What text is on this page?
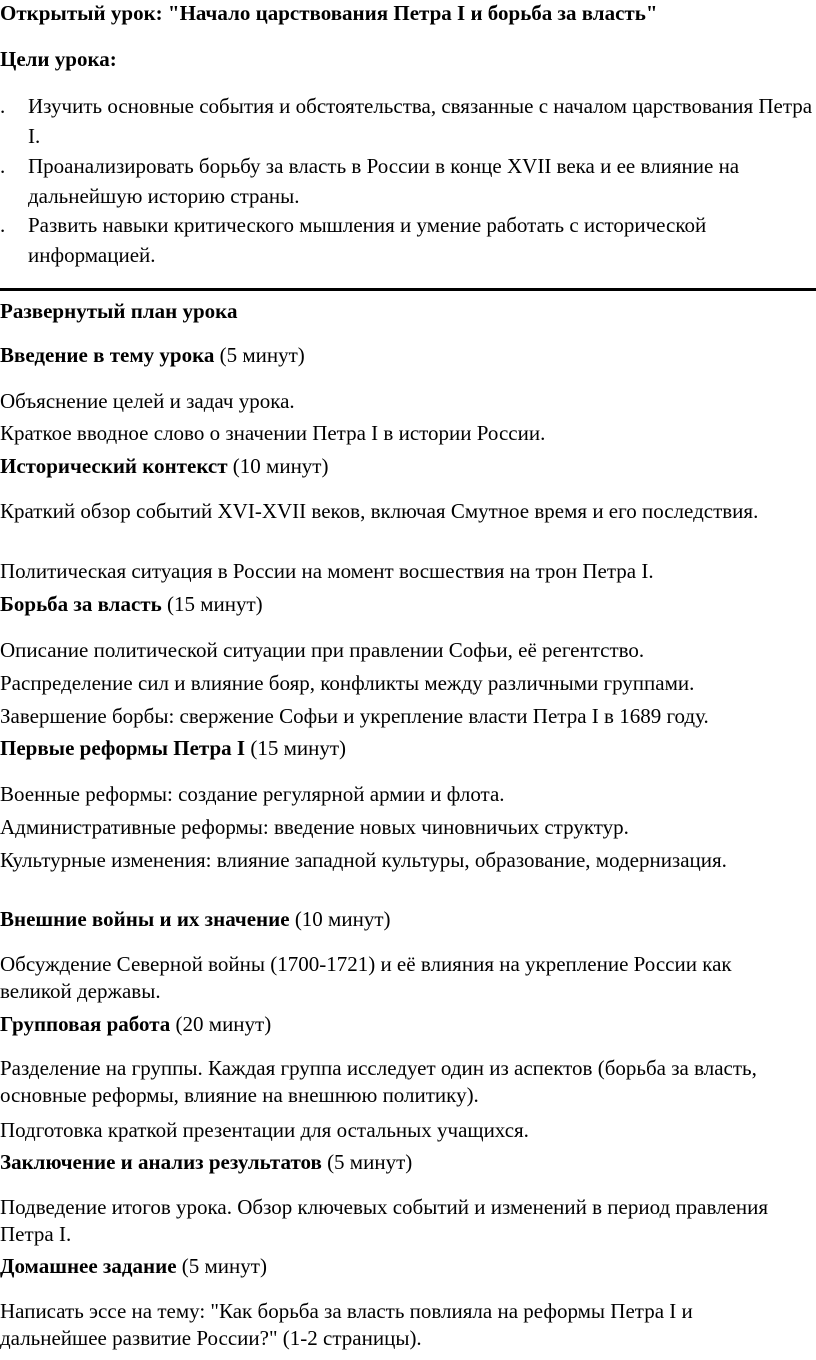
Открытый урок: "Начало царствования Петра I и борьба за власть"
Цели урока:
. Изучить основные события и обстоятельства, связанные с началом царствования Петра I.
. Проанализировать борьбу за власть в России в конце XVII века и ее влияние на дальнейшую историю страны.
. Развить навыки критического мышления и умение работать с исторической информацией.
Развернутый план урока
Введение в тему урока (5 минут)
Объяснение целей и задач урока.
Краткое вводное слово о значении Петра I в истории России.
Исторический контекст (10 минут)
Краткий обзор событий XVI-XVII веков, включая Смутное время и его последствия.
Политическая ситуация в России на момент восшествия на трон Петра I.
Борьба за власть (15 минут)
Описание политической ситуации при правлении Софьи, её регентство.
Распределение сил и влияние бояр, конфликты между различными группами.
Завершение борбы: свержение Софьи и укрепление власти Петра I в 1689 году.
Первые реформы Петра I (15 минут)
Военные реформы: создание регулярной армии и флота.
Административные реформы: введение новых чиновничьих структур.
Культурные изменения: влияние западной культуры, образование, модернизация.
Внешние войны и их значение (10 минут)
Обсуждение Северной войны (1700-1721) и её влияния на укрепление России как великой державы.
Групповая работа (20 минут)
Разделение на группы. Каждая группа исследует один из аспектов (борьба за власть, основные реформы, влияние на внешнюю политику).
Подготовка краткой презентации для остальных учащихся.
Заключение и анализ результатов (5 минут)
Подведение итогов урока. Обзор ключевых событий и изменений в период правления Петра I.
Домашнее задание (5 минут)
Написать эссе на тему: "Как борьба за власть повлияла на реформы Петра I и дальнейшее развитие России?" (1-2 страницы).
